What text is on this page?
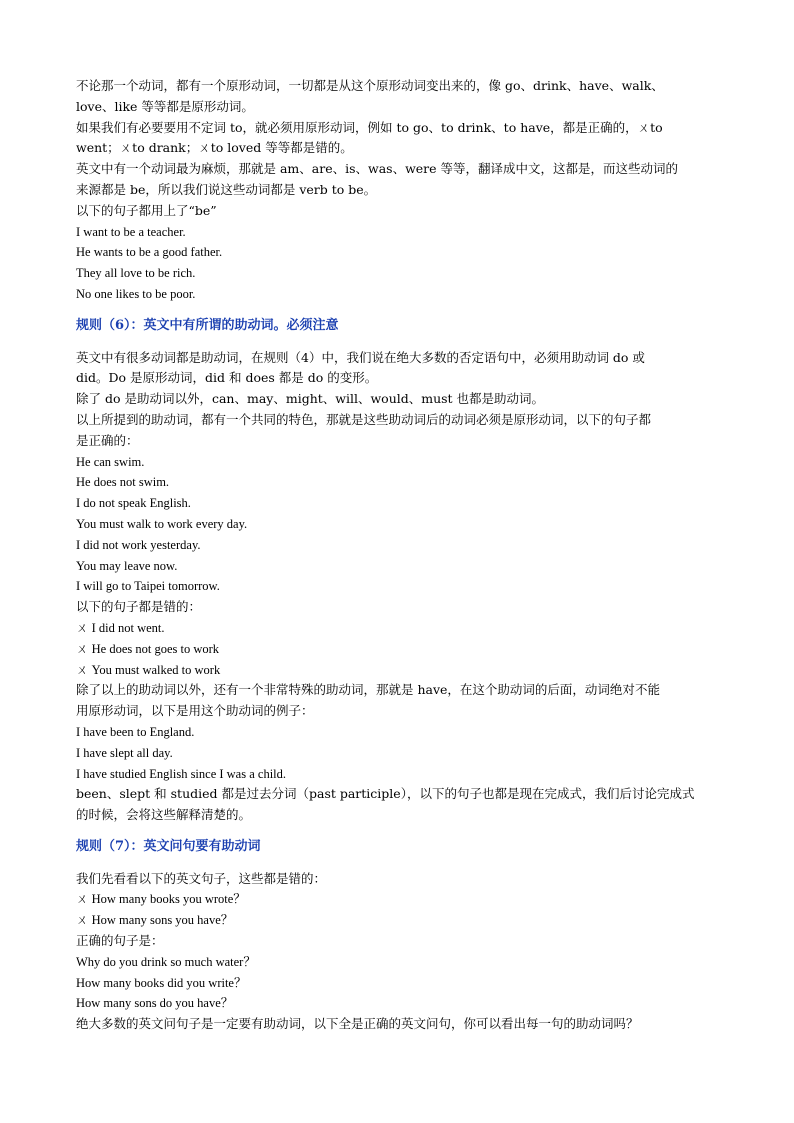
不论那一个动词，都有一个原形动词，一切都是从这个原形动词变出来的，像 go、drink、have、walk、
love、like 等等都是原形动词。
如果我们有必要要用不定词 to，就必须用原形动词，例如 to go、to drink、to have，都是正确的，ㄨto
went；ㄨto drank；ㄨto loved 等等都是错的。
英文中有一个动词最为麻烦，那就是 am、are、is、was、were 等等，翻译成中文，这都是，而这些动词的
来源都是 be，所以我们说这些动词都是 verb to be。
以下的句子都用上了“be”
I want to be a teacher.
He wants to be a good father.
They all love to be rich.
No one likes to be poor.
规则（6）：英文中有所谓的助动词。必须注意
英文中有很多动词都是助动词，在规则（4）中，我们说在绝大多数的否定语句中，必须用助动词 do 或
did。Do 是原形动词，did 和 does 都是 do 的变形。
除了 do 是助动词以外，can、may、might、will、would、must 也都是助动词。
以上所提到的助动词，都有一个共同的特色，那就是这些助动词后的动词必须是原形动词，以下的句子都
是正确的：
He can swim.
He does not swim.
I do not speak English.
You must walk to work every day.
I did not work yesterday.
You may leave now.
I will go to Taipei tomorrow.
以下的句子都是错的：
ㄨ I did not went.
ㄨ He does not goes to work
ㄨ You must walked to work
除了以上的助动词以外，还有一个非常特殊的助动词，那就是 have，在这个助动词的后面，动词绝对不能
用原形动词，以下是用这个助动词的例子：
I have been to England.
I have slept all day.
I have studied English since I was a child.
been、slept 和 studied 都是过去分词（past participle），以下的句子也都是现在完成式，我们后讨论完成式
的时候，会将这些解释清楚的。
规则（7）：英文问句要有助动词
我们先看看以下的英文句子，这些都是错的：
ㄨ How many books you wrote？
ㄨ How many sons you have？
正确的句子是：
Why do you drink so much water？
How many books did you write？
How many sons do you have？
绝大多数的英文问句子是一定要有助动词，以下全是正确的英文问句，你可以看出每一句的助动词吗？
